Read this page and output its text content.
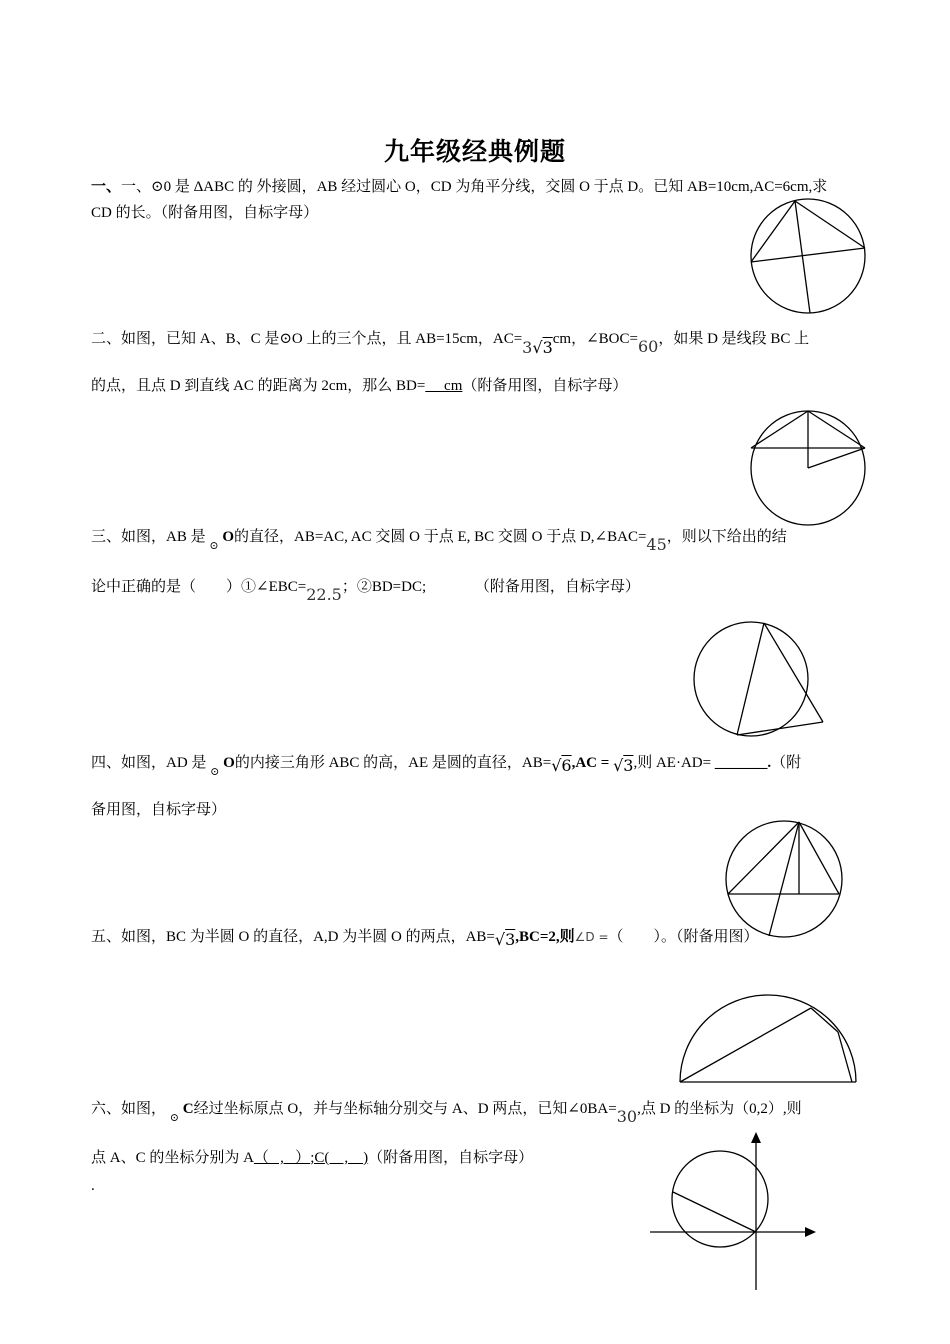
九年级经典例题
一、一、⊙0 是 ΔABC 的 外接圆，AB 经过圆心 O，CD 为角平分线，交圆 O 于点 D。已知 AB=10cm,AC=6cm,求
CD 的长。（附备用图，自标字母）
二、如图，已知 A、B、C 是⊙O 上的三个点，且 AB=15cm，AC=3√3cm，∠BOC=60，如果 D 是线段 BC 上
的点，且点 D 到直线 AC 的距离为 2cm，那么 BD=     cm（附备用图，自标字母）
三、如图，AB 是 $_⊙$ O的直径，AB=AC, AC 交圆 O 于点 E, BC 交圆 O 于点 D,∠BAC=45，则以下给出的结
论中正确的是（        ）①∠EBC=22.5；②BD=DC;             （附备用图，自标字母）
四、如图，AD 是 $_⊙$ O的内接三角形 ABC 的高，AE 是圆的直径，AB=√6,AC = √3,则 AE·AD= _______.（附
备用图，自标字母）
五、如图，BC 为半圆 O 的直径，A,D 为半圆 O 的两点，AB=√3,BC=2,则∠D =（        ）。（附备用图）
六、如图， $_⊙$ C经过坐标原点 O，并与坐标轴分别交与 A、D 两点，已知∠0BA=30,点 D 的坐标为（0,2）,则
点 A、C 的坐标分别为 A（   ,   ）;C(    ,    )（附备用图，自标字母）
.
